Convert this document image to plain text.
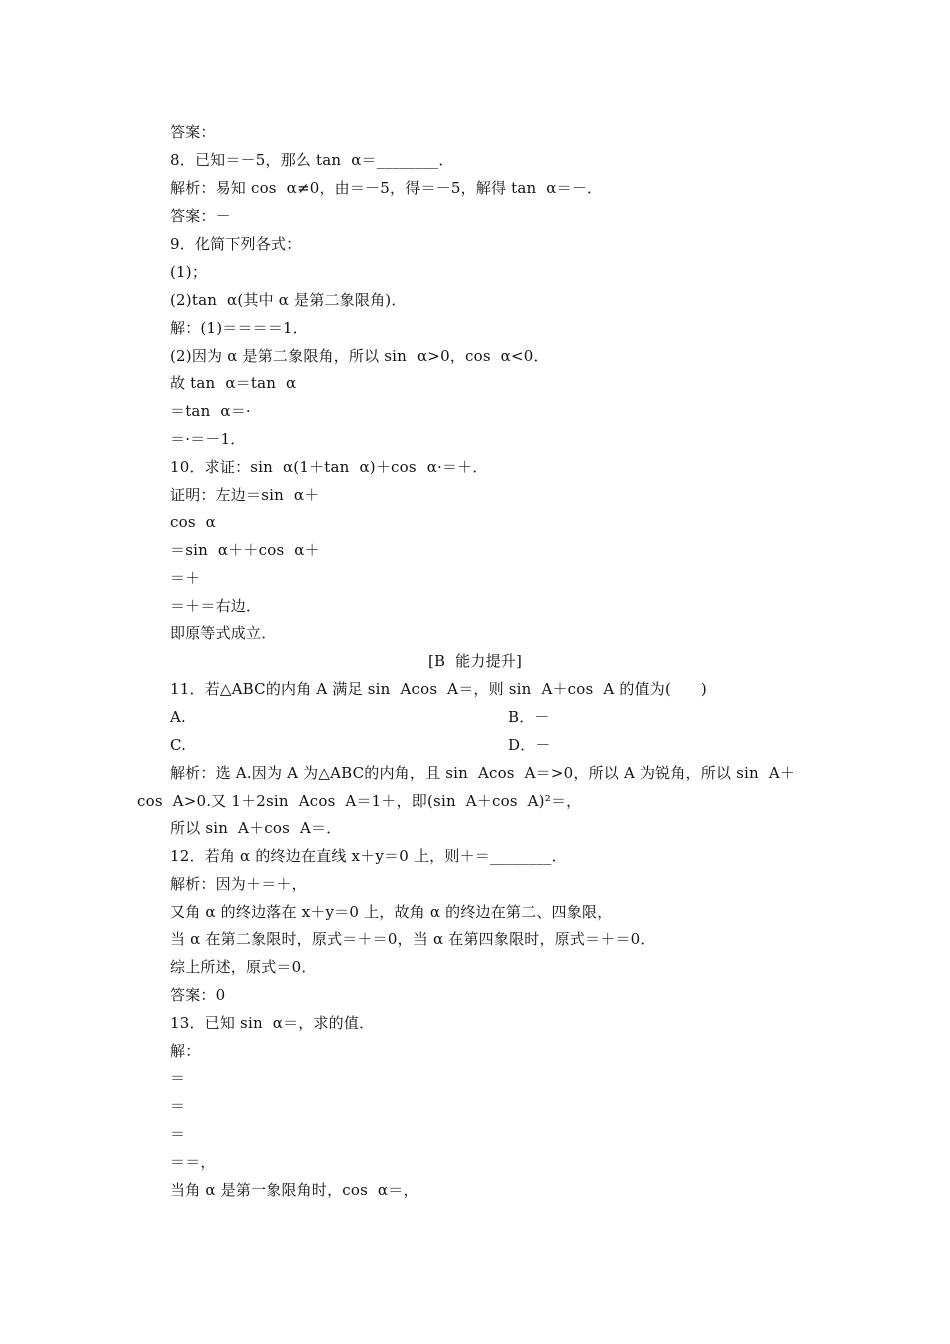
答案：
8．已知＝－5，那么 tan  α＝________．
解析：易知 cos  α≠0，由＝－5，得＝－5，解得 tan  α＝－．
答案：－
9．化简下列各式：
(1)；
(2)tan  α(其中 α 是第二象限角)．
解：(1)＝＝＝＝1．
(2)因为 α 是第二象限角，所以 sin  α>0，cos  α<0．
故 tan  α＝tan  α
＝tan  α＝·
＝·＝－1．
10．求证：sin  α(1＋tan  α)＋cos  α·＝＋．
证明：左边＝sin  α＋
cos  α
＝sin  α＋＋cos  α＋
＝＋
＝＋＝右边．
即原等式成立．
[B  能力提升]
11．若△ABC的内角 A 满足 sin  Acos  A＝，则 sin  A＋cos  A 的值为(      )
A.	B．－
C.	D．－
解析：选 A.因为 A 为△ABC的内角，且 sin  Acos  A＝>0，所以 A 为锐角，所以 sin  A＋
cos  A>0.又 1＋2sin  Acos  A＝1＋，即(sin  A＋cos  A)²＝，
所以 sin  A＋cos  A＝．
12．若角 α 的终边在直线 x＋y＝0 上，则＋＝________．
解析：因为＋＝＋，
又角 α 的终边落在 x＋y＝0 上，故角 α 的终边在第二、四象限，
当 α 在第二象限时，原式＝＋＝0，当 α 在第四象限时，原式＝＋＝0．
综上所述，原式＝0．
答案：0
13．已知 sin  α＝，求的值．
解：
＝
＝
＝
＝＝，
当角 α 是第一象限角时，cos  α＝，
